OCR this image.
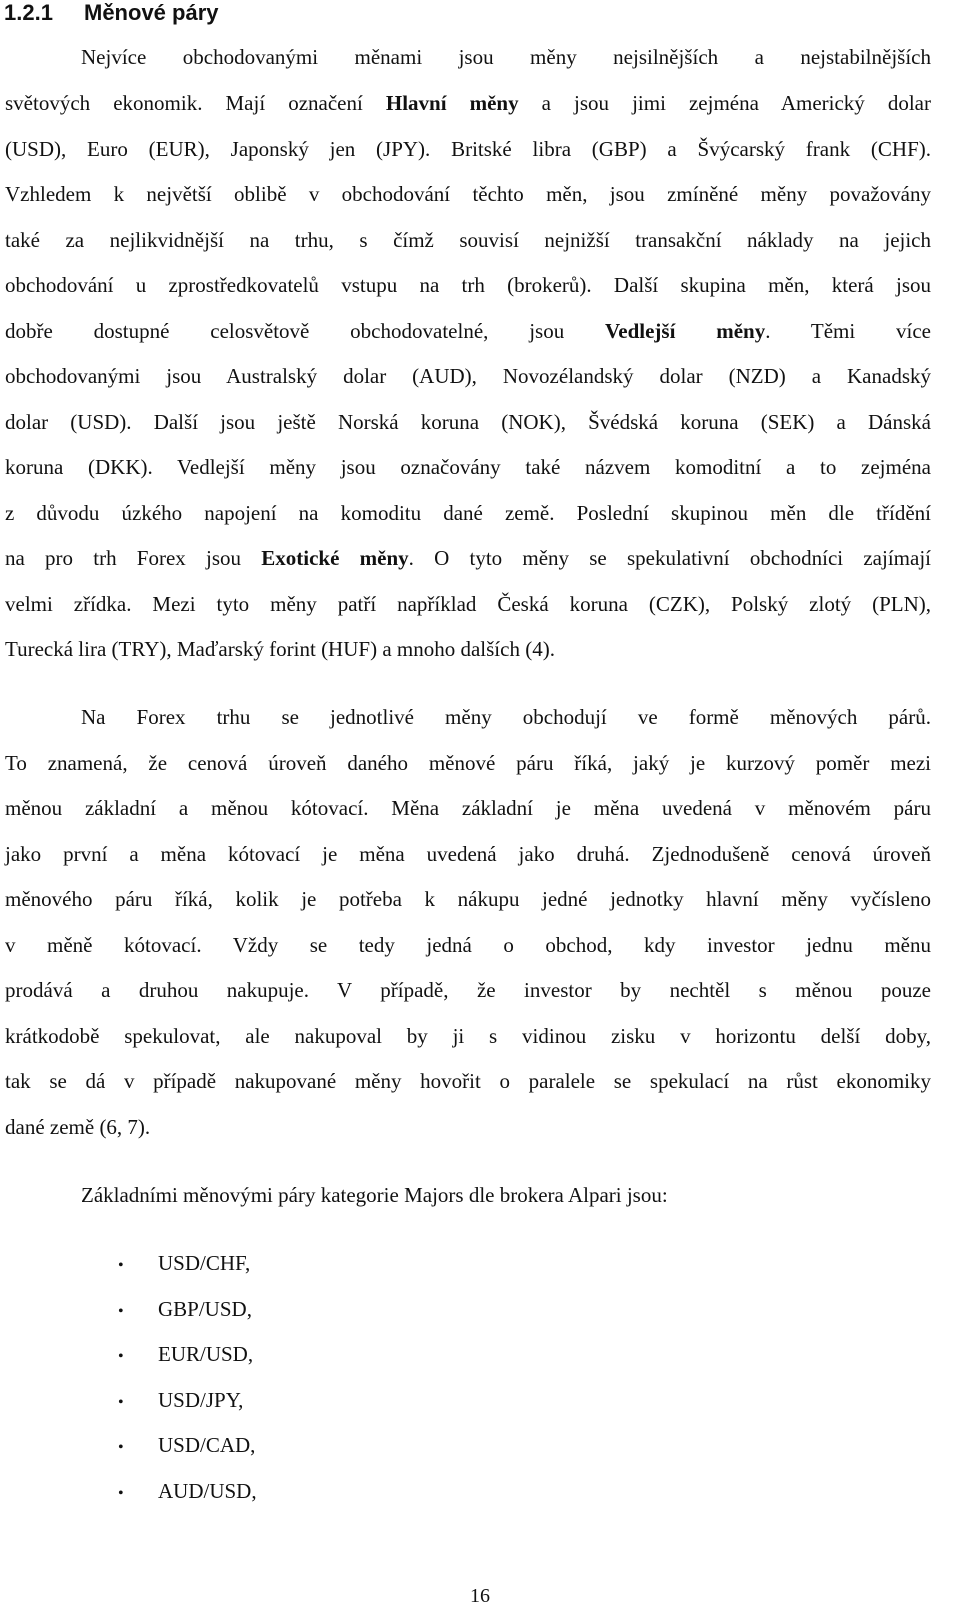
1.2.1 Měnové páry

Nejvíce obchodovanými měnami jsou měny nejsilnějších a nejstabilnějších

světových ekonomik. Mají označení Hlavní měny a jsou jimi zejména Americký dolar

(USD), Euro (EUR), Japonský jen (JPY). Britské libra (GBP) a Švýcarský frank (CHF).

Vzhledem k největší oblibě v obchodování těchto měn, jsou zmíněné měny považovány

také za nejlikvidnější na trhu, s čímž souvisí nejnižší transakční náklady na jejich

obchodování u zprostředkovatelů vstupu na trh (brokerů). Další skupina měn, která jsou

dobře dostupné celosvětově obchodovatelné, jsou Vedlejší měny. Těmi více

obchodovanými jsou Australský dolar (AUD), Novozélandský dolar (NZD) a Kanadský

dolar (USD). Další jsou ještě Norská koruna (NOK), Švédská koruna (SEK) a Dánská

koruna (DKK). Vedlejší měny jsou označovány také názvem komoditní a to zejména

z důvodu úzkého napojení na komoditu dané země. Poslední skupinou měn dle třídění

na pro trh Forex jsou Exotické měny. O tyto měny se spekulativní obchodníci zajímají

velmi zřídka. Mezi tyto měny patří například Česká koruna (CZK), Polský zlotý (PLN),

Turecká lira (TRY), Maďarský forint (HUF) a mnoho dalších (4).

Na Forex trhu se jednotlivé měny obchodují ve formě měnových párů.

To znamená, že cenová úroveň daného měnové páru říká, jaký je kurzový poměr mezi

měnou základní a měnou kótovací. Měna základní je měna uvedená v měnovém páru

jako první a měna kótovací je měna uvedená jako druhá. Zjednodušeně cenová úroveň

měnového páru říká, kolik je potřeba k nákupu jedné jednotky hlavní měny vyčísleno

v měně kótovací. Vždy se tedy jedná o obchod, kdy investor jednu měnu

prodává a druhou nakupuje. V případě, že investor by nechtěl s měnou pouze

krátkodobě spekulovat, ale nakupoval by ji s vidinou zisku v horizontu delší doby,

tak se dá v případě nakupované měny hovořit o paralele se spekulací na růst ekonomiky

dané země (6, 7).

Základními měnovými páry kategorie Majors dle brokera Alpari jsou:

• USD/CHF,

• GBP/USD,

• EUR/USD,

• USD/JPY,

• USD/CAD,

• AUD/USD,

16
